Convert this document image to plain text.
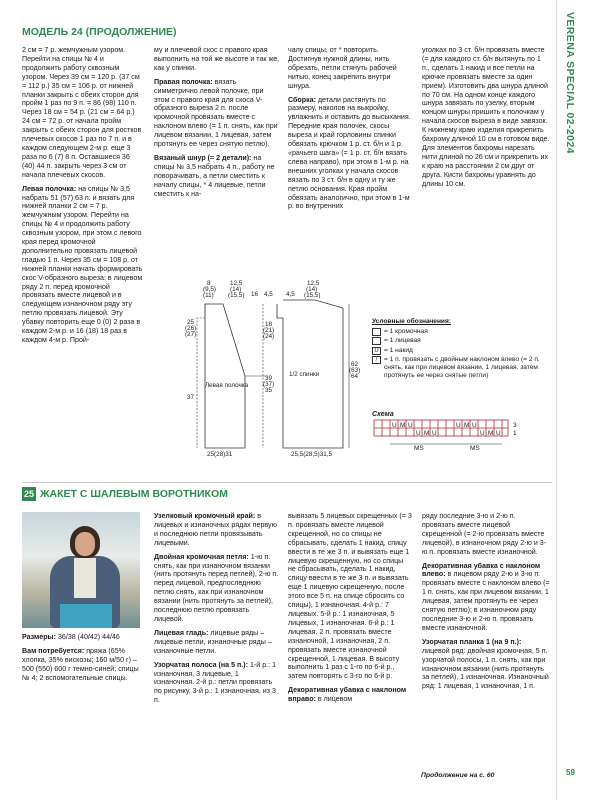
VERENA SPECIAL 02-2024
МОДЕЛЬ 24 (ПРОДОЛЖЕНИЕ)

2 см = 7 р. жемчужным узором. Перейти на спицы № 4 и продолжить работу сквозным узором. Через 39 см = 120 р. (37 см = 112 р.) 35 см = 106 р. от нижней планки закрыть с обеих сторон для пройм 1 раз по 9 п. = 86 (98) 110 п. Через 18 см = 54 р. (21 см = 64 р.) 24 см = 72 р. от начала пройм закрыть с обеих сторон для ростков плечевых скосов 1 раз по 7 п. и в каждом следующем 2-м р. еще 3 раза по 6 (7) 8 п. Оставшиеся 36 (40) 44 п. закрыть через 3 см от начала плечевых скосов.

Левая полочка: на спицы № 3,5 набрать 51 (57) 63 п. и вязать для нижней планки 2 см = 7 р. жемчужным узором. Перейти на спицы № 4 и продолжить работу сквозным узором, при этом с левого края перед кромочной дополнительно провязать лицевой гладью 1 п. Через 35 см = 108 р. от нижней планки начать формировать скос V-образного выреза: в лицевом ряду 2 п. перед кромочной провязать вместе лицевой и в следующем изнаночном ряду эту петлю провязать лицевой. Эту убавку повторить еще 0 (0) 2 раза в каждом 2-м р. и 16 (18) 18 раз в каждом 4-м р. Прой-

му и плечевой скос с правого края выполнить на той же высоте и так же, как у спинки.

Правая полочка: вязать симметрично левой полочке, при этом с правого края для скоса V-образного выреза 2 п. после кромочной провязать вместе с наклоном влево (= 1 п. снять, как при лицевом вязании, 1 лицевая, затем протянуть ее через снятую петлю).

Вязаный шнур (= 2 детали): на спицы № 3,5 набрать 4 п., работу не поворачивать, а петли сместить к началу спицы, * 4 лицевые, петли сместить к на-

чалу спицы, от * повторить. Достигнув нужной длины, нить обрезать, петли стянуть рабочей нитью, конец закрепить внутри шнура.

Сборка: детали растянуть по размеру, наколов на выкройку, увлажнить и оставить до высыхания. Передние края полочек, скосы выреза и край горловины спинки обвязать крючком 1 р. ст. б/н и 1 р. «рачьего шага» (= 1 р. ст. б/н вязать слева направо), при этом в 1-м р. на внешних уголках у начала скосов вязать по 3 ст. б/н в одну и ту же петлю основания. Края пройм обвязать аналогично, при этом в 1-м р. во внутренних

уголках по 3 ст. б/н провязать вместе (= для каждого ст. б/н вытянуть по 1 п., сделать 1 накид и все петли на крючке провязать вместе за один прием). Изготовить два шнура длиной по 70 см. На одном конце каждого шнура завязать по узелку, вторым концом шнуры пришить к полочкам у начала скосов выреза в виде завязок. К нижнему краю изделия прикрепить бахрому длиной 10 см в готовом виде. Для элементов бахромы нарезать нити длиной по 26 см и прикрепить их к краю на расстоянии 2 см друг от друга. Кисти бахромы уравнять до длины 10 см.

Левая полочка
1/2 спинки
8
(9,5)
(11)
12,5
(14)
(15,5) 16 4,5 4,5
12,5
(14)
(15,5)
25
(26)
(27)
18
(21)
(24)
39
(37)
35
37
62
(63)
64
25(28)31	25,5(28,5)31,5
Условные обозначения:
= 1 кромочная
= 1 лицевая
U = 1 накид
/	= 1 п. провязать с двойным наклоном влево (= 2 п. снять, как при лицевом вязании, 1 лицевая, затем протянуть ее через снятые петли)
Схема
U M U	U M U
U M U	U M U
3
1
MS	MS
25 ЖАКЕТ С ШАЛЕВЫМ ВОРОТНИКОМ

Размеры: 36/38 (40/42) 44/46

Вам потребуется: пряжа (65% хлопка, 35% вискозы; 160 м/50 г) – 500 (550) 600 г темно-синей; спицы № 4; 2 вспомогательные спицы.

Узелковый кромочный край: в лицевых и изнаночных рядах первую и последнюю петли провязывать лицевыми.

Двойная кромочная петля: 1-ю п. снять, как при изнаночном вязании (нить протянуть перед петлей), 2-ю п. перед лицевой, предпоследнюю петлю снять, как при изнаночном вязании (нить протянуть за петлей), последнюю петлю провязать лицевой.

Лицевая гладь: лицевые ряды – лицевые петли, изнаночные ряды – изнаночные петли.

Узорчатая полоса (на 5 п.): 1-й р.: 1 изнаночная, 3 лицевые, 1 изнаночная. 2-й р.: петли провязать по рисунку. 3-й р.: 1 изнаночная, из 3 п.

вывязать 5 лицевых скрещенных (= 3 п. провязать вместе лицевой скрещенной, но со спицы не сбрасывать, сделать 1 накид, спицу ввести в те же 3 п. и вывязать еще 1 лицевую скрещенную, но со спицы не сбрасывать, сделать 1 накид, спицу ввести в те же 3 п. и вывязать еще 1 лицевую скрещенную, после этого все 5 п. на спице сбросить со спицы), 1 изнаночная. 4-й р.: 7 лицевых. 5-й р.: 1 изнаночная, 5 лицевых, 1 изнаночная. 6-й р.: 1 лицевая, 2 п. провязать вместе изнаночной, 1 изнаночная, 2 п. провязать вместе изнаночной скрещенной, 1 лицевая. В высоту выполнить 1 раз с 1-го по 6-й р., затем повторять с 3-го по 6-й р.

Декоративная убавка с наклоном вправо: в лицевом

ряду последние 3-ю и 2-ю п. провязать вместе лицевой скрещенной (= 2-ю провязать вместе лицевой), в изнаночном ряду 2-ю и 3-ю п. провязать вместе изнаночной.

Декоративная убавка с наклоном влево: в лицевом ряду 2-ю и 3-ю п. провязать вместе с наклоном влево (= 1 п. снять, как при лицевом вязании, 1 лицевая, затем протянуть ее через снятую петлю); в изнаночном ряду последние 3-ю и 2-ю п. провязать вместе изнаночной.

Узорчатая планка 1 (на 9 п.): лицевой ряд: двойная кромочная, 5 п. узорчатой полосы, 1 п. снять, как при изнаночном вязании (нить протянуть за петлей), 1 изнаночная. Изнаночный ряд: 1 лицевая, 1 изнаночная, 1 п.

Продолжение на с. 60	59
